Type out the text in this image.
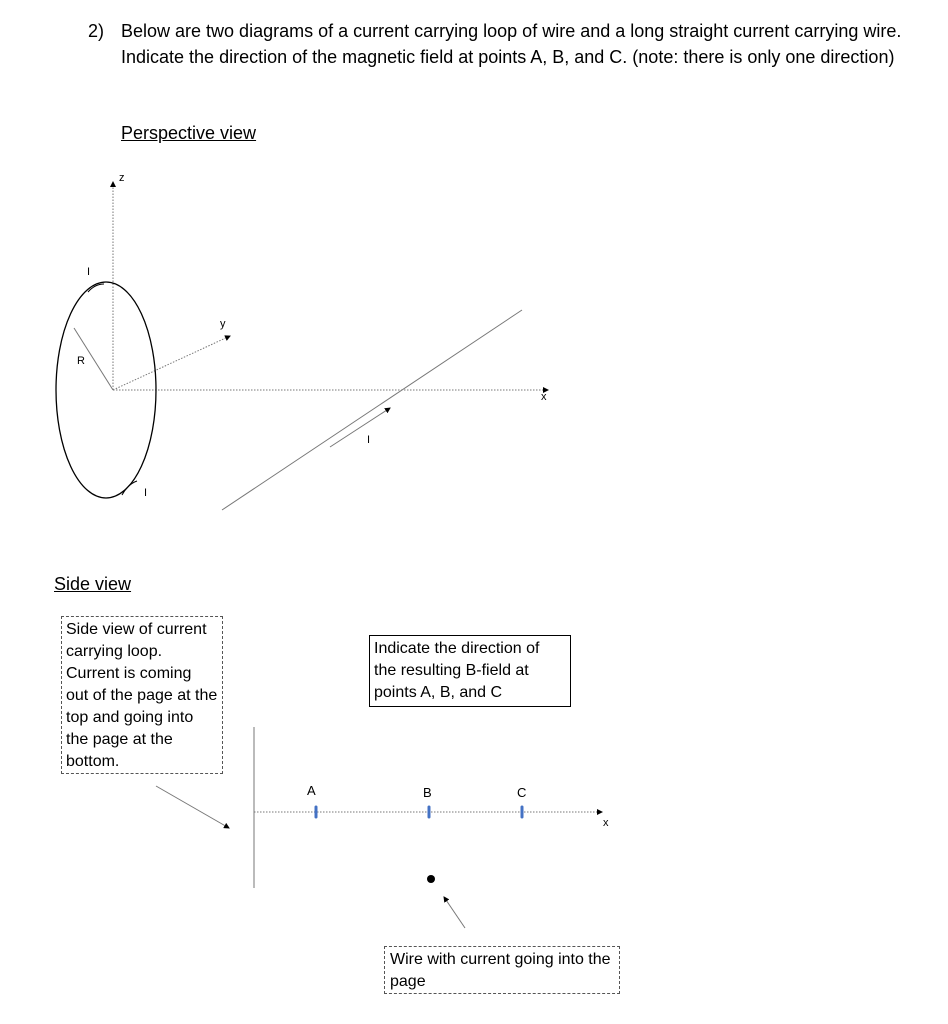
2) Below are two diagrams of a current carrying loop of wire and a long straight current carrying wire. Indicate the direction of the magnetic field at points A, B, and C. (note: there is only one direction)
Perspective view
z
y
x
R
I
I
I
Side view
Side view of current carrying loop. Current is coming out of the page at the top and going into the page at the bottom.
Indicate the direction of the resulting B-field at points A, B, and C
A	B	C
x
Wire with current going into the page
